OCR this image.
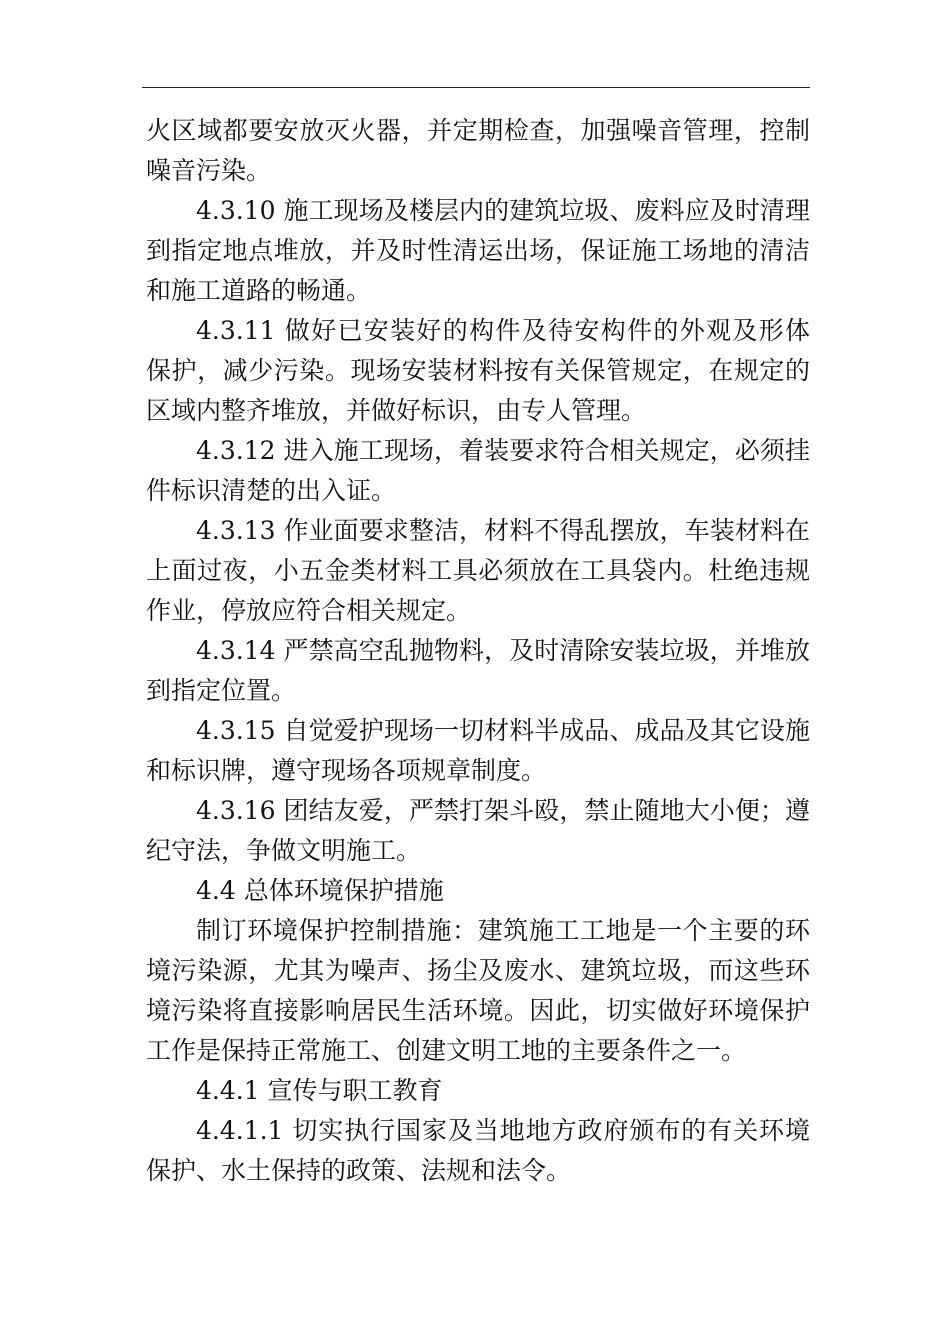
火区域都要安放灭火器，并定期检查，加强噪音管理，控制
噪音污染。
4.3.10 施工现场及楼层内的建筑垃圾、废料应及时清理
到指定地点堆放，并及时性清运出场，保证施工场地的清洁
和施工道路的畅通。
4.3.11 做好已安装好的构件及待安构件的外观及形体
保护，减少污染。现场安装材料按有关保管规定，在规定的
区域内整齐堆放，并做好标识，由专人管理。
4.3.12 进入施工现场，着装要求符合相关规定，必须挂
件标识清楚的出入证。
4.3.13 作业面要求整洁，材料不得乱摆放，车装材料在
上面过夜，小五金类材料工具必须放在工具袋内。杜绝违规
作业，停放应符合相关规定。
4.3.14 严禁高空乱抛物料，及时清除安装垃圾，并堆放
到指定位置。
4.3.15 自觉爱护现场一切材料半成品、成品及其它设施
和标识牌，遵守现场各项规章制度。
4.3.16 团结友爱，严禁打架斗殴，禁止随地大小便；遵
纪守法，争做文明施工。
4.4 总体环境保护措施
制订环境保护控制措施：建筑施工工地是一个主要的环
境污染源，尤其为噪声、扬尘及废水、建筑垃圾，而这些环
境污染将直接影响居民生活环境。因此，切实做好环境保护
工作是保持正常施工、创建文明工地的主要条件之一。
4.4.1 宣传与职工教育
4.4.1.1 切实执行国家及当地地方政府颁布的有关环境
保护、水土保持的政策、法规和法令。
